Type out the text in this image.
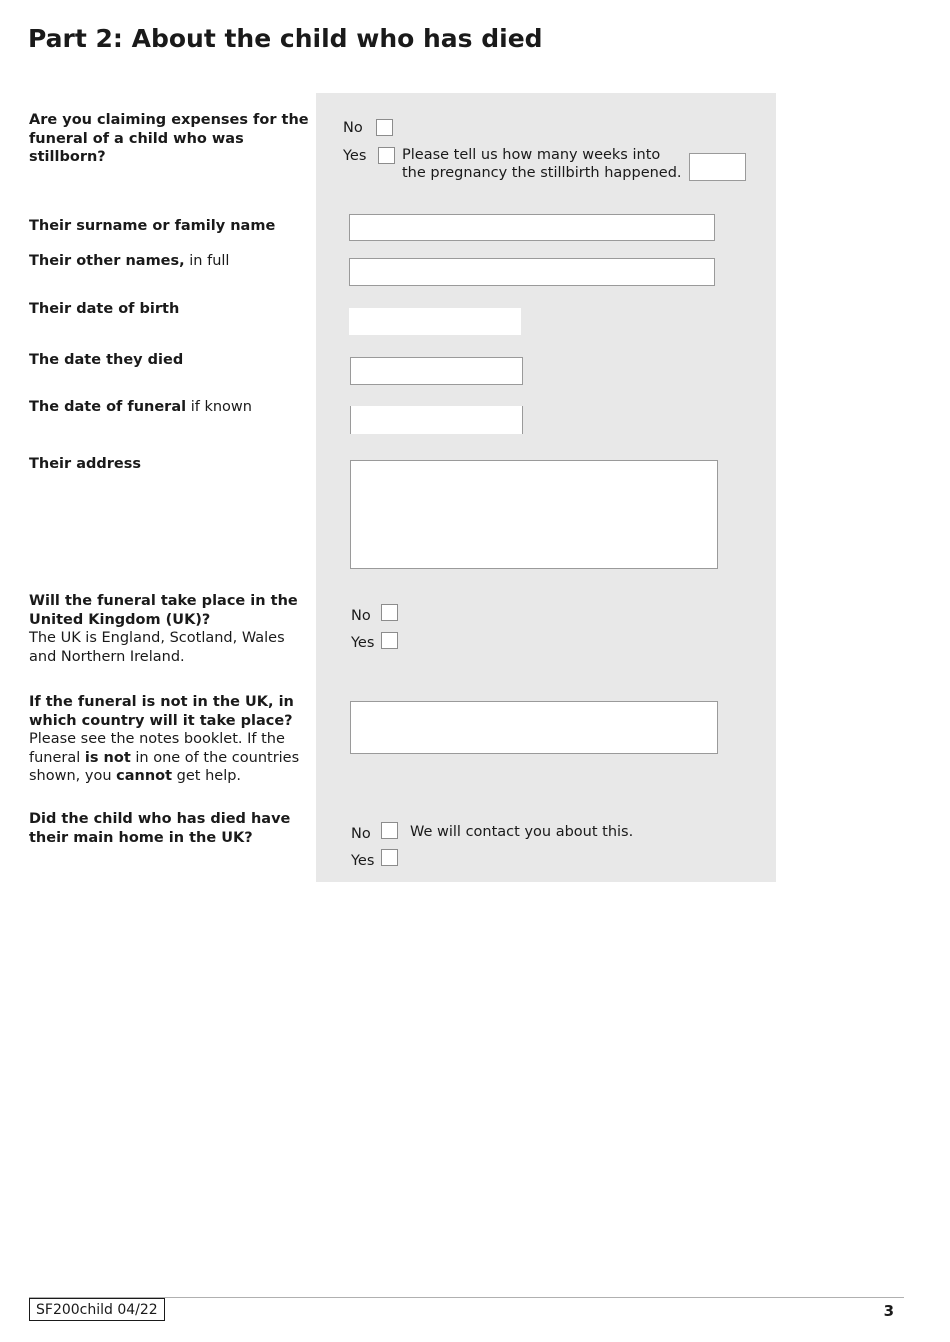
Part 2: About the child who has died
Are you claiming expenses for the funeral of a child who was stillborn?
No
Yes Please tell us how many weeks into
the pregnancy the stillbirth happened.
Their surname or family name
Their other names, in full
Their date of birth
The date they died
The date of funeral if known
Their address
Will the funeral take place in the
United Kingdom (UK)?
The UK is England, Scotland, Wales
and Northern Ireland.
No
Yes
If the funeral is not in the UK, in
which country will it take place?
Please see the notes booklet. If the
funeral is not in one of the countries
shown, you cannot get help.
Did the child who has died have
their main home in the UK?	No	We will contact you about this.
Yes
SF200child 04/22	3
